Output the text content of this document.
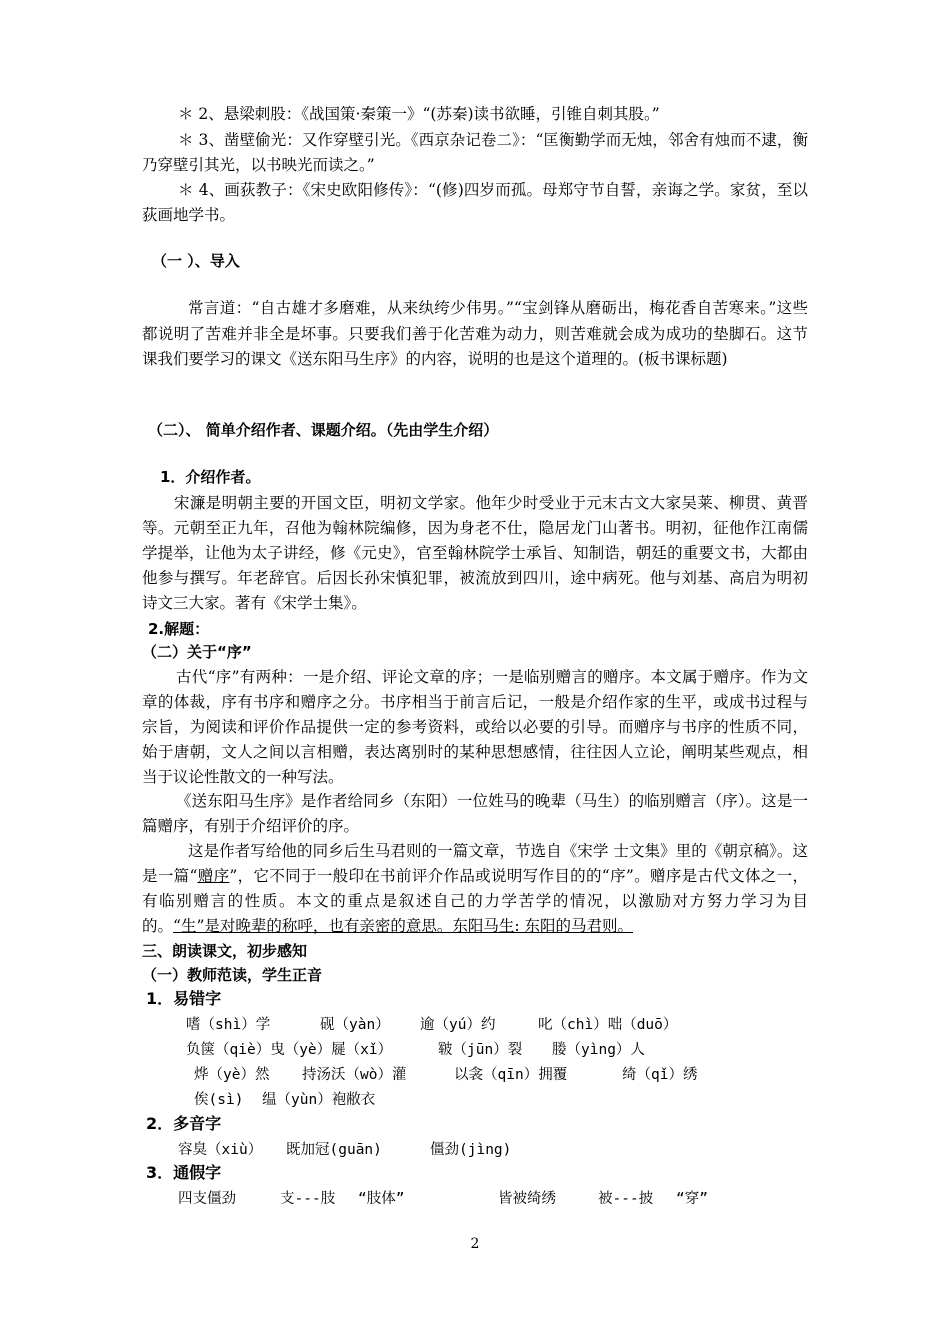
＊ 2、悬梁刺股：《战国策·秦策一》“(苏秦)读书欲睡，引锥自刺其股。”
＊ 3、凿壁偷光：又作穿壁引光。《西京杂记卷二》：“匡衡勤学而无烛，邻舍有烛而不逮，衡乃穿壁引其光，以书映光而读之。”
＊ 4、画荻教子：《宋史欧阳修传》：“(修)四岁而孤。母郑守节自誓，亲诲之学。家贫，至以荻画地学书。
（一 ）、导入
常言道：“自古雄才多磨难，从来纨绔少伟男。”“宝剑锋从磨砺出，梅花香自苦寒来。”这些都说明了苦难并非全是坏事。只要我们善于化苦难为动力，则苦难就会成为成功的垫脚石。这节课我们要学习的课文《送东阳马生序》的内容，说明的也是这个道理的。(板书课标题)
（二）、 简单介绍作者、课题介绍。（先由学生介绍）
1．介绍作者。
宋濂是明朝主要的开国文臣，明初文学家。他年少时受业于元末古文大家吴莱、柳贯、黄晋等。元朝至正九年，召他为翰林院编修，因为身老不仕，隐居龙门山著书。明初，征他作江南儒学提举，让他为太子讲经，修《元史》，官至翰林院学士承旨、知制诰，朝廷的重要文书，大都由他参与撰写。年老辞官。后因长孙宋慎犯罪，被流放到四川，途中病死。他与刘基、高启为明初诗文三大家。著有《宋学士集》。
2.解题：
（二）关于“序”
古代“序”有两种：一是介绍、评论文章的序；一是临别赠言的赠序。本文属于赠序。作为文章的体裁，序有书序和赠序之分。书序相当于前言后记，一般是介绍作家的生平，或成书过程与宗旨，为阅读和评价作品提供一定的参考资料，或给以必要的引导。而赠序与书序的性质不同，始于唐朝，文人之间以言相赠，表达离别时的某种思想感情，往往因人立论，阐明某些观点，相当于议论性散文的一种写法。
《送东阳马生序》是作者给同乡（东阳）一位姓马的晚辈（马生）的临别赠言（序）。这是一篇赠序，有别于介绍评价的序。
这是作者写给他的同乡后生马君则的一篇文章，节选自《宋学 士文集》里的《朝京稿》。这是一篇“赠序”，它不同于一般印在书前评介作品或说明写作目的的“序”。赠序是古代文体之一，有临别赠言的性质。本文的重点是叙述自己的力学苦学的情况，以激励对方努力学习为目的。“生”是对晚辈的称呼，也有亲密的意思。东阳马生: 东阳的马君则。
三、朗读课文，初步感知
（一）教师范读，学生正音
1．易错字
嗜（shì）学	砚（yàn） 逾（yú）约	叱（chì）咄（duō）
负箧（qiè）曳（yè）屣（xǐ）	皲（jūn）裂 媵（yìng）人
烨（yè）然 持汤沃（wò）灌	以衾（qīn）拥覆	绮（qǐ）绣
俟(sì) 缊（yùn）袍敝衣
2．多音字
容臭（xiù） 既加冠(guān)	僵劲(jìng)
3．通假字
四支僵劲	支---肢 “肢体”	皆被绮绣	被---披 “穿”
2
